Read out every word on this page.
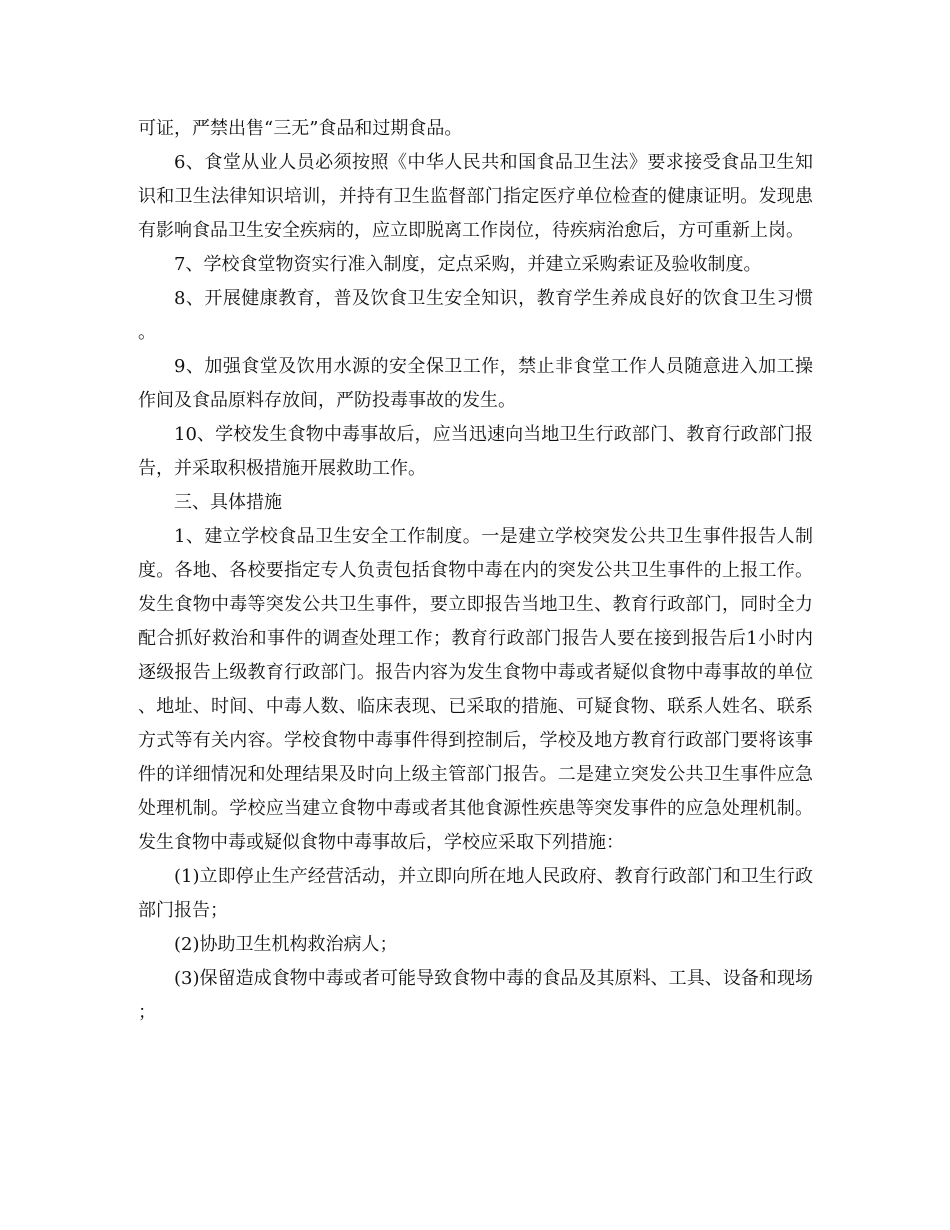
可证，严禁出售“三无”食品和过期食品。

6、食堂从业人员必须按照《中华人民共和国食品卫生法》要求接受食品卫生知识和卫生法律知识培训，并持有卫生监督部门指定医疗单位检查的健康证明。发现患有影响食品卫生安全疾病的，应立即脱离工作岗位，待疾病治愈后，方可重新上岗。

7、学校食堂物资实行准入制度，定点采购，并建立采购索证及验收制度。

8、开展健康教育，普及饮食卫生安全知识，教育学生养成良好的饮食卫生习惯。

9、加强食堂及饮用水源的安全保卫工作，禁止非食堂工作人员随意进入加工操作间及食品原料存放间，严防投毒事故的发生。

10、学校发生食物中毒事故后，应当迅速向当地卫生行政部门、教育行政部门报告，并采取积极措施开展救助工作。

三、具体措施

1、建立学校食品卫生安全工作制度。一是建立学校突发公共卫生事件报告人制度。各地、各校要指定专人负责包括食物中毒在内的突发公共卫生事件的上报工作。发生食物中毒等突发公共卫生事件，要立即报告当地卫生、教育行政部门，同时全力配合抓好救治和事件的调查处理工作；教育行政部门报告人要在接到报告后1小时内逐级报告上级教育行政部门。报告内容为发生食物中毒或者疑似食物中毒事故的单位、地址、时间、中毒人数、临床表现、已采取的措施、可疑食物、联系人姓名、联系方式等有关内容。学校食物中毒事件得到控制后，学校及地方教育行政部门要将该事件的详细情况和处理结果及时向上级主管部门报告。二是建立突发公共卫生事件应急处理机制。学校应当建立食物中毒或者其他食源性疾患等突发事件的应急处理机制。发生食物中毒或疑似食物中毒事故后，学校应采取下列措施：

(1)立即停止生产经营活动，并立即向所在地人民政府、教育行政部门和卫生行政部门报告；

(2)协助卫生机构救治病人；

(3)保留造成食物中毒或者可能导致食物中毒的食品及其原料、工具、设备和现场；
